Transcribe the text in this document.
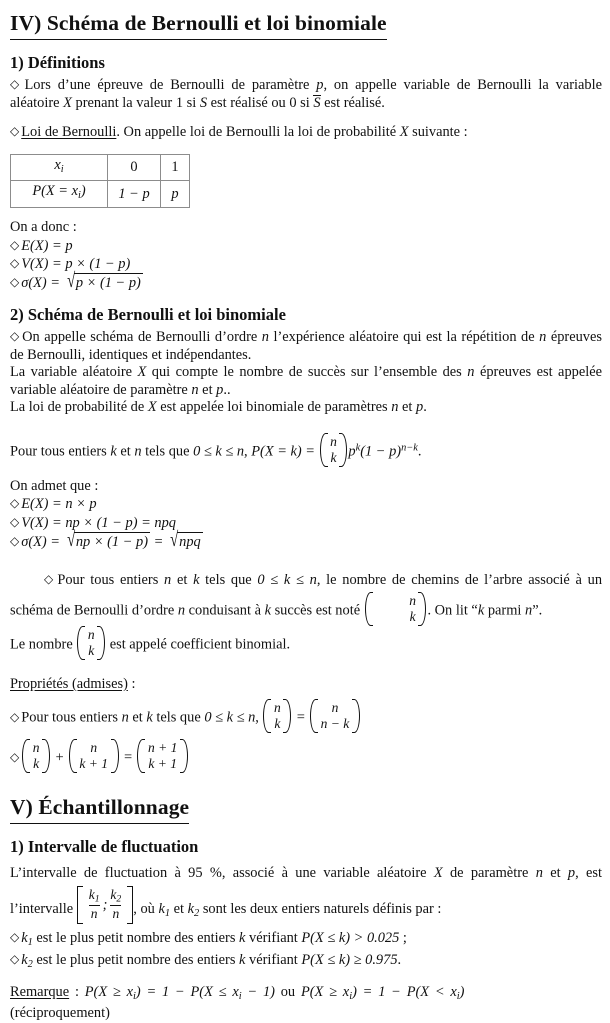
IV) Schéma de Bernoulli et loi binomiale
1) Définitions

◇ Lors d’une épreuve de Bernoulli de paramètre p, on appelle variable de Bernoulli la variable aléatoire X prenant la valeur 1 si S est réalisé ou 0 si S est réalisé.

◇ Loi de Bernoulli. On appelle loi de Bernoulli la loi de probabilité X suivante :

$x_i$	0	1
$P(X = x_i)$	1 − p	p

On a donc :

◇ E(X) = p

◇ V(X) = p × (1 − p)

◇ σ(X) = √ p × (1 − p)

2) Schéma de Bernoulli et loi binomiale

◇ On appelle schéma de Bernoulli d’ordre n l’expérience aléatoire qui est la répétition de n épreuves de Bernoulli, identiques et indépendantes.

La variable aléatoire X qui compte le nombre de succès sur l’ensemble des n épreuves est appelée variable aléatoire de paramètre n et p..

La loi de probabilité de X est appelée loi binomiale de paramètres n et p.

Pour tous entiers k et n tels que 0 ≤ k ≤ n, P(X = k) =
n
k $p^k(1 - p)^{n-k}$.

On admet que :

◇ E(X) = n × p

◇ V(X) = np × (1 − p) = npq

◇ σ(X) = √ np × (1 − p) = √ npq

◇ Pour tous entiers n et k tels que 0 ≤ k ≤ n, le nombre de chemins de l’arbre associé à un schéma de Bernoulli d’ordre n conduisant à k succès est noté
n
k . On lit “k parmi n”.

Le nombre
n
k est appelé coefficient binomial.

Propriétés (admises) :

◇ Pour tous entiers n et k tels que 0 ≤ k ≤ n,
n
k =
n
n − k

◇
n
k +
n
k + 1 =
n + 1
k + 1

V) Échantillonnage
1) Intervalle de fluctuation

L’intervalle de fluctuation à 95 %, associé à une variable aléatoire X de paramètre n et p, est l’intervalle $\frac{k_1}{n}$ ; $\frac{k_2}{n}$ , où $k_1$ et $k_2$ sont les deux entiers naturels définis par :

◇ $k_1$ est le plus petit nombre des entiers k vérifiant P(X ≤ k) > 0.025 ;

◇ $k_2$ est le plus petit nombre des entiers k vérifiant P(X ≤ k) ≥ 0.975.

Remarque : $P(X \ge x_i) = 1 - P(X \le x_i - 1)$ ou $P(X \ge x_i) = 1 - P(X < x_i)$

(réciproquement)
